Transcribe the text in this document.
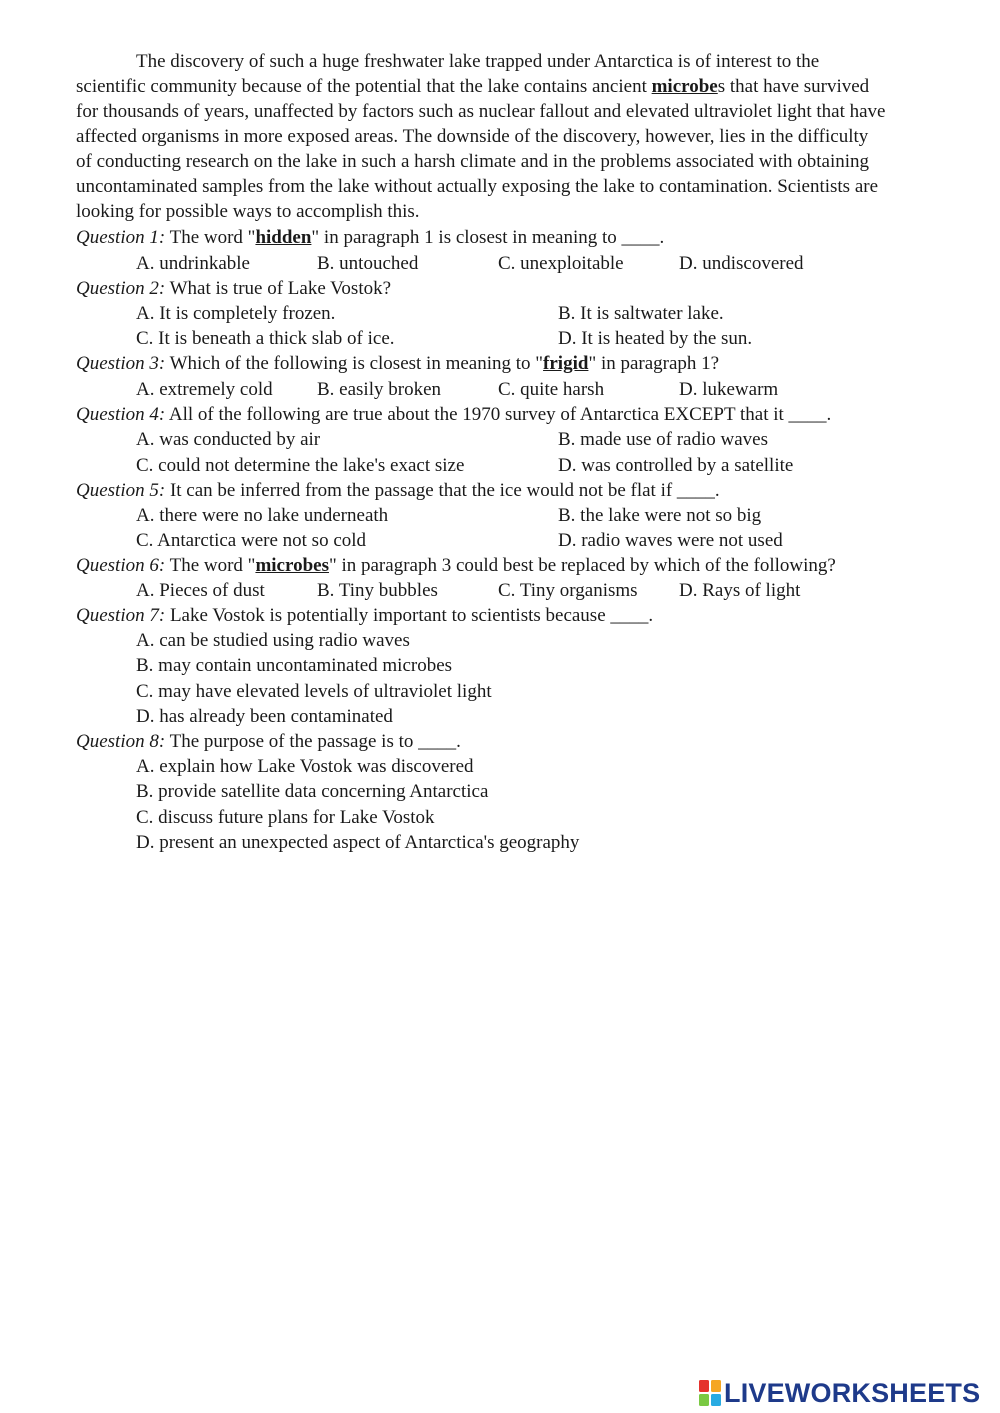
The discovery of such a huge freshwater lake trapped under Antarctica is of interest to the
scientific community because of the potential that the lake contains ancient microbes that have survived
for thousands of years, unaffected by factors such as nuclear fallout and elevated ultraviolet light that have
affected organisms in more exposed areas. The downside of the discovery, however, lies in the difficulty
of conducting research on the lake in such a harsh climate and in the problems associated with obtaining
uncontaminated samples from the lake without actually exposing the lake to contamination. Scientists are
looking for possible ways to accomplish this.
Question 1: The word "hidden" in paragraph 1 is closest in meaning to ____.
A. undrinkable	B. untouched	C. unexploitable	D. undiscovered
Question 2: What is true of Lake Vostok?
A. It is completely frozen.	B. It is saltwater lake.
C. It is beneath a thick slab of ice.	D. It is heated by the sun.
Question 3: Which of the following is closest in meaning to "frigid" in paragraph 1?
A. extremely cold B. easily broken	C. quite harsh	D. lukewarm
Question 4: All of the following are true about the 1970 survey of Antarctica EXCEPT that it ____.
A. was conducted by air	B. made use of radio waves
C. could not determine the lake's exact size	D. was controlled by a satellite
Question 5: It can be inferred from the passage that the ice would not be flat if ____.
A. there were no lake underneath	B. the lake were not so big
C. Antarctica were not so cold	D. radio waves were not used
Question 6: The word "microbes" in paragraph 3 could best be replaced by which of the following?
A. Pieces of dust	B. Tiny bubbles	C. Tiny organisms D. Rays of light
Question 7: Lake Vostok is potentially important to scientists because ____.
A. can be studied using radio waves
B. may contain uncontaminated microbes
C. may have elevated levels of ultraviolet light
D. has already been contaminated
Question 8: The purpose of the passage is to ____.
A. explain how Lake Vostok was discovered
B. provide satellite data concerning Antarctica
C. discuss future plans for Lake Vostok
D. present an unexpected aspect of Antarctica's geography
LIVEWORKSHEETS
